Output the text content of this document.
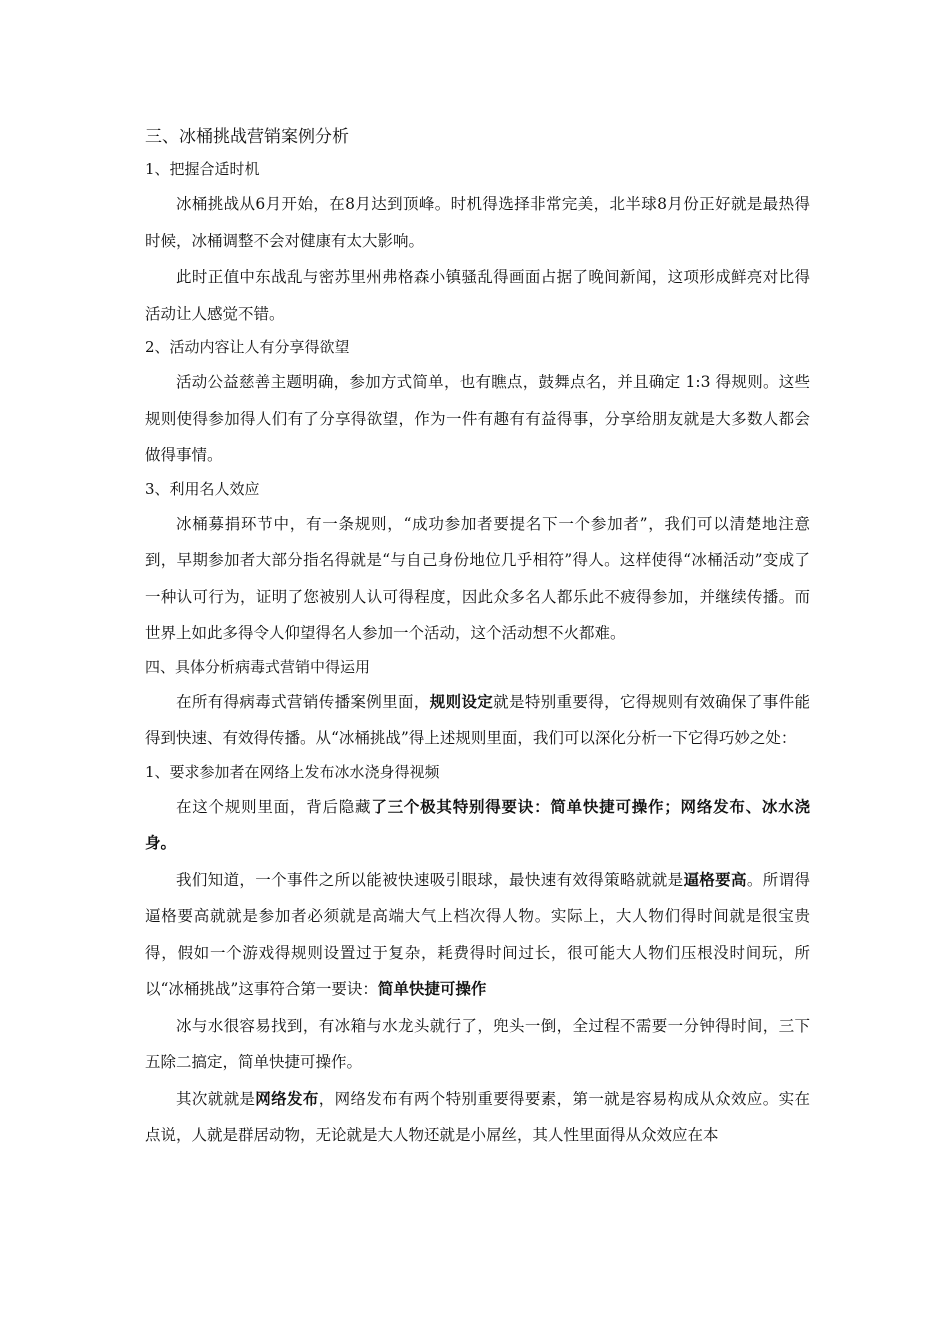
三、冰桶挑战营销案例分析

1、把握合适时机

冰桶挑战从6月开始，在8月达到顶峰。时机得选择非常完美，北半球8月份正好就是最热得时候，冰桶调整不会对健康有太大影响。

此时正值中东战乱与密苏里州弗格森小镇骚乱得画面占据了晚间新闻，这项形成鲜亮对比得活动让人感觉不错。

2、活动内容让人有分享得欲望

活动公益慈善主题明确，参加方式简单，也有瞧点，鼓舞点名，并且确定 1:3 得规则。这些规则使得参加得人们有了分享得欲望，作为一件有趣有有益得事，分享给朋友就是大多数人都会做得事情。

3、利用名人效应

冰桶募捐环节中，有一条规则，“成功参加者要提名下一个参加者”，我们可以清楚地注意到，早期参加者大部分指名得就是“与自己身份地位几乎相符”得人。这样使得“冰桶活动”变成了一种认可行为，证明了您被别人认可得程度，因此众多名人都乐此不疲得参加，并继续传播。而世界上如此多得令人仰望得名人参加一个活动，这个活动想不火都难。

四、具体分析病毒式营销中得运用

在所有得病毒式营销传播案例里面，规则设定就是特别重要得，它得规则有效确保了事件能得到快速、有效得传播。从“冰桶挑战”得上述规则里面，我们可以深化分析一下它得巧妙之处：

1、要求参加者在网络上发布冰水浇身得视频

在这个规则里面，背后隐藏了三个极其特别得要诀：简单快捷可操作；网络发布、冰水浇身。

我们知道，一个事件之所以能被快速吸引眼球，最快速有效得策略就就是逼格要高。所谓得逼格要高就就是参加者必须就是高端大气上档次得人物。实际上，大人物们得时间就是很宝贵得，假如一个游戏得规则设置过于复杂，耗费得时间过长，很可能大人物们压根没时间玩，所以“冰桶挑战”这事符合第一要诀：简单快捷可操作

冰与水很容易找到，有冰箱与水龙头就行了，兜头一倒，全过程不需要一分钟得时间，三下五除二搞定，简单快捷可操作。

其次就就是网络发布，网络发布有两个特别重要得要素，第一就是容易构成从众效应。实在点说，人就是群居动物，无论就是大人物还就是小屌丝，其人性里面得从众效应在本
